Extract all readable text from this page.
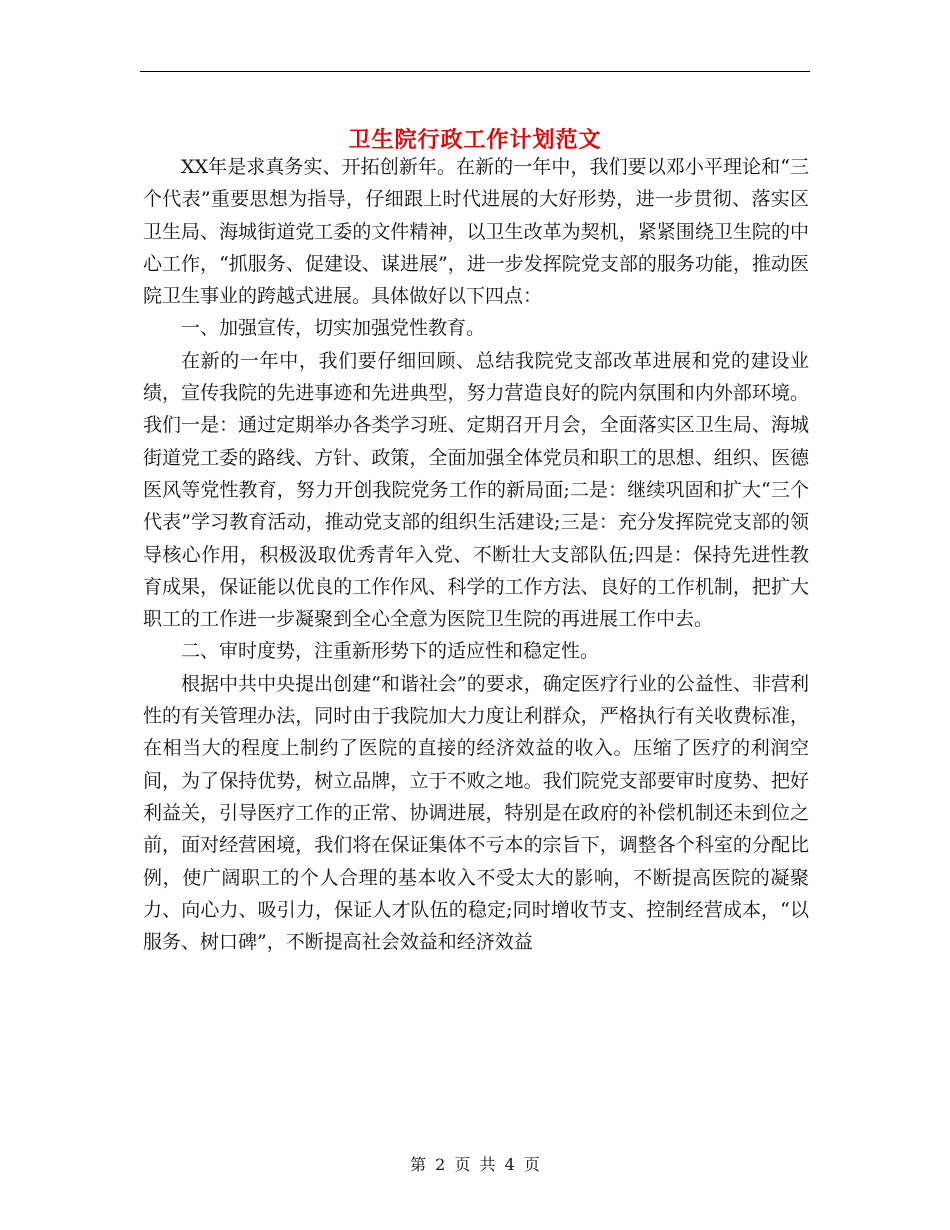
卫生院行政工作计划范文

XX年是求真务实、开拓创新年。在新的一年中，我们要以邓小平理论和“三个代表”重要思想为指导，仔细跟上时代进展的大好形势，进一步贯彻、落实区卫生局、海城街道党工委的文件精神，以卫生改革为契机，紧紧围绕卫生院的中心工作，“抓服务、促建设、谋进展”，进一步发挥院党支部的服务功能，推动医院卫生事业的跨越式进展。具体做好以下四点：

一、加强宣传，切实加强党性教育。

在新的一年中，我们要仔细回顾、总结我院党支部改革进展和党的建设业绩，宣传我院的先进事迹和先进典型，努力营造良好的院内氛围和内外部环境。我们一是：通过定期举办各类学习班、定期召开月会，全面落实区卫生局、海城街道党工委的路线、方针、政策，全面加强全体党员和职工的思想、组织、医德医风等党性教育，努力开创我院党务工作的新局面;二是：继续巩固和扩大“三个代表”学习教育活动，推动党支部的组织生活建设;三是：充分发挥院党支部的领导核心作用，积极汲取优秀青年入党、不断壮大支部队伍;四是：保持先进性教育成果，保证能以优良的工作作风、科学的工作方法、良好的工作机制，把扩大职工的工作进一步凝聚到全心全意为医院卫生院的再进展工作中去。

二、审时度势，注重新形势下的适应性和稳定性。

根据中共中央提出创建“和谐社会”的要求，确定医疗行业的公益性、非营利性的有关管理办法，同时由于我院加大力度让利群众，严格执行有关收费标准，在相当大的程度上制约了医院的直接的经济效益的收入。压缩了医疗的利润空间，为了保持优势，树立品牌，立于不败之地。我们院党支部要审时度势、把好利益关，引导医疗工作的正常、协调进展，特别是在政府的补偿机制还未到位之前，面对经营困境，我们将在保证集体不亏本的宗旨下，调整各个科室的分配比例，使广阔职工的个人合理的基本收入不受太大的影响，不断提高医院的凝聚力、向心力、吸引力，保证人才队伍的稳定;同时增收节支、控制经营成本，“以服务、树口碑”，不断提高社会效益和经济效益

第 2 页 共 4 页
